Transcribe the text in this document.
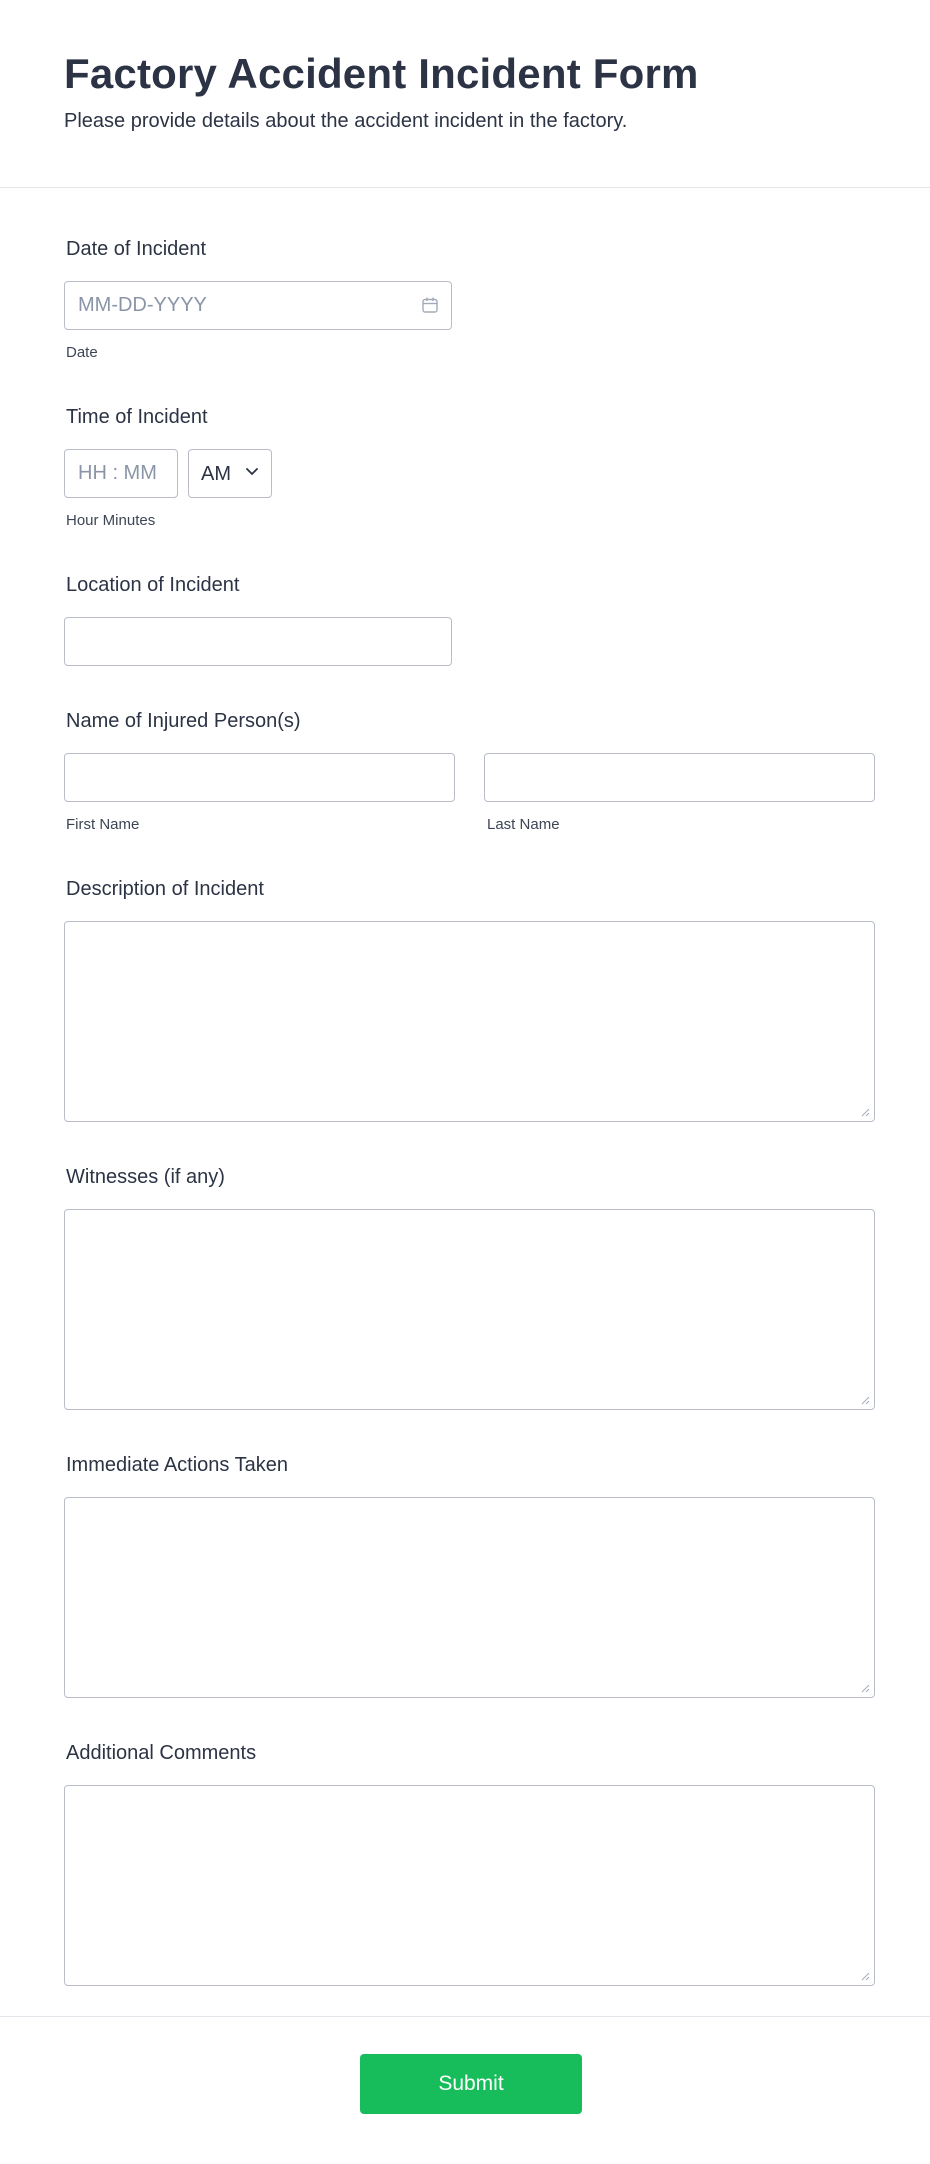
Factory Accident Incident Form

Please provide details about the accident incident in the factory.

Date of Incident
MM-DD-YYYY
Date
Time of Incident
HH : MM AM
Hour Minutes
Location of Incident
Name of Injured Person(s)
First Name	Last Name
Description of Incident
Witnesses (if any)
Immediate Actions Taken
Additional Comments
Submit
